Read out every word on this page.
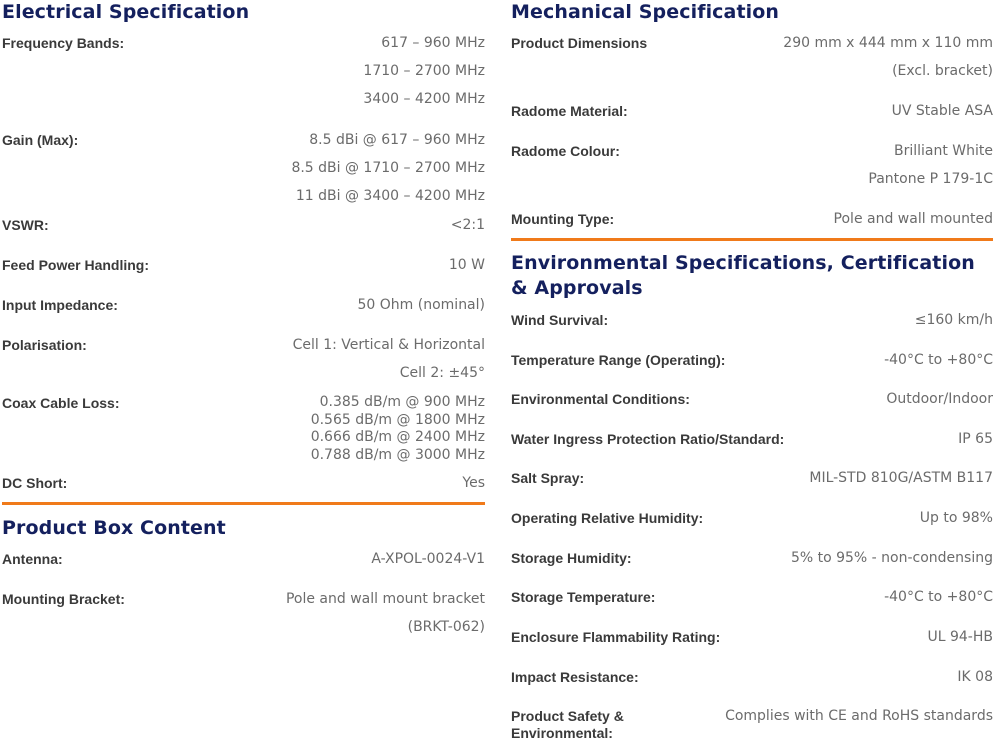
Electrical Specification
Frequency Bands:	617 – 960 MHz
1710 – 2700 MHz
3400 – 4200 MHz
Gain (Max):	8.5 dBi @ 617 – 960 MHz
8.5 dBi @ 1710 – 2700 MHz
11 dBi @ 3400 – 4200 MHz
VSWR:	<2:1
Feed Power Handling:	10 W
Input Impedance:	50 Ohm (nominal)
Polarisation:	Cell 1: Vertical & Horizontal
Cell 2: ±45°
Coax Cable Loss:	0.385 dB/m @ 900 MHz
0.565 dB/m @ 1800 MHz
0.666 dB/m @ 2400 MHz
0.788 dB/m @ 3000 MHz
DC Short:	Yes
Product Box Content
Antenna:	A-XPOL-0024-V1
Mounting Bracket:	Pole and wall mount bracket
(BRKT-062)
Mechanical Specification
Product Dimensions	290 mm x 444 mm x 110 mm
(Excl. bracket)
Radome Material:	UV Stable ASA
Radome Colour:	Brilliant White
Pantone P 179-1C
Mounting Type:	Pole and wall mounted
Environmental Specifications, Certification & Approvals
Wind Survival:	≤160 km/h
Temperature Range (Operating):	-40°C to +80°C
Environmental Conditions:	Outdoor/Indoor
Water Ingress Protection Ratio/Standard:	IP 65
Salt Spray:	MIL-STD 810G/ASTM B117
Operating Relative Humidity:	Up to 98%
Storage Humidity:	5% to 95% - non-condensing
Storage Temperature:	-40°C to +80°C
Enclosure Flammability Rating:	UL 94-HB
Impact Resistance:	IK 08
Product Safety & Environmental:
Complies with CE and RoHS standards
